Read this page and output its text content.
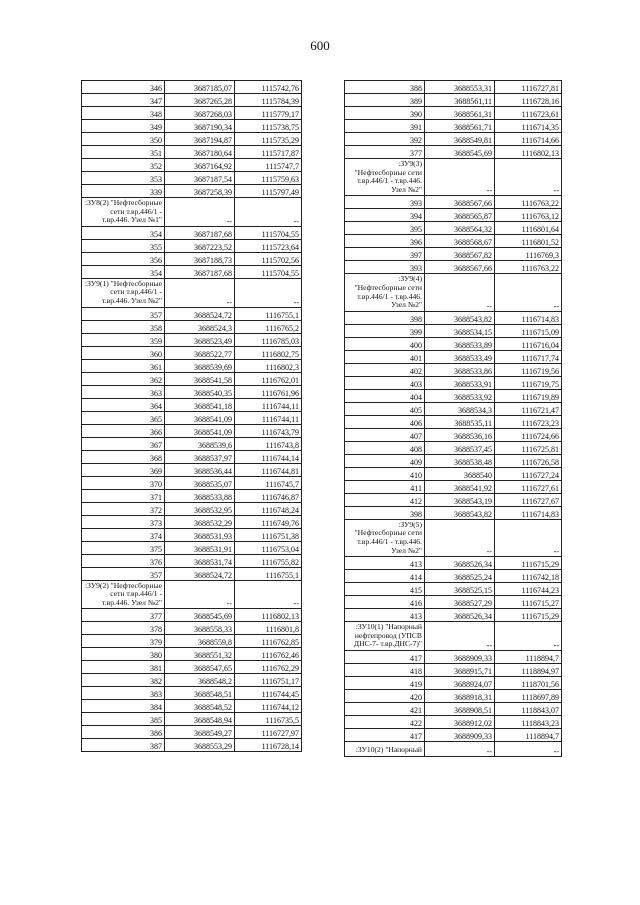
600
346	3687185,07	1115742,76
347	3687265,28	1115784,39
348	3687268,03	1115779,17
349	3687190,34	1115738,75
350	3687194,87	1115735,29
351	3687180,64	1115717,87
352	3687164,92	1115747,7
353	3687187,54	1115759,63
339	3687258,39	1115797,49
:ЗУ8(2) "Нефтесборные сети т.вр.446/1 - т.вр.446. Узел №1"	--	--
354	3687187,68	1115704,55
355	3687223,52	1115723,64
356	3687188,73	1115702,56
354	3687187,68	1115704,55
:ЗУ9(1) "Нефтесборные сети т.вр.446/1 - т.вр.446. Узел №2"	--	--
357	3688524,72	1116755,1
358	3688524,3	1116765,2
359	3688523,49	1116785,03
360	3688522,77	1116802,75
361	3688539,69	1116802,3
362	3688541,58	1116762,01
363	3688540,35	1116761,96
364	3688541,18	1116744,11
365	3688541,09	1116744,11
366	3688541,09	1116743,79
367	3688539,6	1116743,8
368	3688537,97	1116744,14
369	3688536,44	1116744,81
370	3688535,07	1116745,7
371	3688533,88	1116746,87
372	3688532,95	1116748,24
373	3688532,29	1116749,76
374	3688531,93	1116751,38
375	3688531,91	1116753,04
376	3688531,74	1116755,82
357	3688524,72	1116755,1
:ЗУ9(2) "Нефтесборные сети т.вр.446/1 - т.вр.446. Узел №2"	--	--
377	3688545,69	1116802,13
378	3688558,33	1116801,8
379	3688559,8	1116762,85
380	3688551,32	1116762,46
381	3688547,65	1116762,29
382	3688548,2	1116751,17
383	3688548,51	1116744,45
384	3688548,52	1116744,12
385	3688548,94	1116735,5
386	3688549,27	1116727,97
387	3688553,29	1116728,14
388	3688553,31	1116727,81
389	3688561,11	1116728,16
390	3688561,31	1116723,61
391	3688561,71	1116714,35
392	3688549,81	1116714,66
377	3688545,69	1116802,13
:ЗУ9(3) "Нефтесборные сети т.вр.446/1 - т.вр.446. Узел №2"	--	--
393	3688567,66	1116763,22
394	3688565,87	1116763,12
395	3688564,32	1116801,64
396	3688568,67	1116801,52
397	3688567,82	1116769,3
393	3688567,66	1116763,22
:ЗУ9(4) "Нефтесборные сети т.вр.446/1 - т.вр.446. Узел №2"	--	--
398	3688543,82	1116714,83
399	3688534,15	1116715,09
400	3688533,89	1116716,04
401	3688533,49	1116717,74
402	3688533,86	1116719,56
403	3688533,91	1116719,75
404	3688533,92	1116719,89
405	3688534,3	1116721,47
406	3688535,11	1116723,23
407	3688536,16	1116724,66
408	3688537,45	1116725,81
409	3688538,48	1116726,58
410	3688540	1116727,24
411	3688541,92	1116727,61
412	3688543,19	1116727,67
398	3688543,82	1116714,83
:ЗУ9(5) "Нефтесборные сети т.вр.446/1 - т.вр.446. Узел №2"	--	--
413	3688526,34	1116715,29
414	3688525,24	1116742,18
415	3688525,15	1116744,23
416	3688527,29	1116715,27
413	3688526,34	1116715,29
:ЗУ10(1) "Напорный нефтепровод (УПСВ ДНС-7- т.вр.ДНС-7)"	--	--
417	3688909,33	1118894,7
418	3688915,71	1118894,97
419	3688924,07	1118701,56
420	3688918,31	1118697,89
421	3688908,51	1118843,07
422	3688912,02	1118843,23
417	3688909,33	1118894,7
:ЗУ10(2) "Напорный	--	--
